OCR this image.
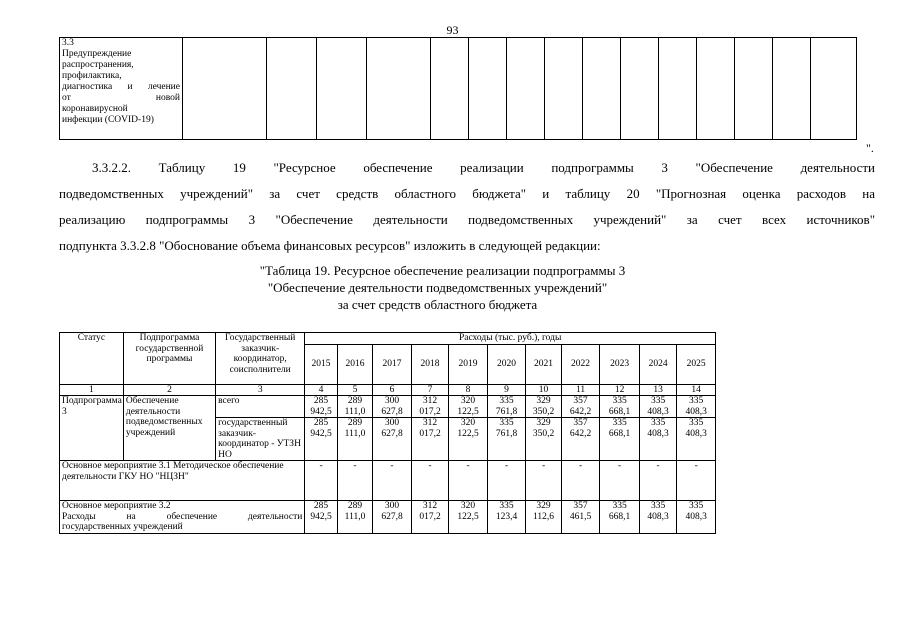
93
3.3
Предупреждение
распространения,
профилактика,
диагностика и лечение
от новой
коронавирусной
инфекции (COVID-19)

".
3.3.2.2. Таблицу 19 "Ресурсное обеспечение реализации подпрограммы 3 "Обеспечение деятельности
подведомственных учреждений" за счет средств областного бюджета" и таблицу 20 "Прогнозная оценка расходов на
реализацию подпрограммы 3 "Обеспечение деятельности подведомственных учреждений" за счет всех источников"
подпункта 3.3.2.8 "Обоснование объема финансовых ресурсов" изложить в следующей редакции:
"Таблица 19. Ресурсное обеспечение реализации подпрограммы 3
"Обеспечение деятельности подведомственных учреждений"
за счет средств областного бюджета
Статус	Подпрограмма государственной программы	Государственный заказчик-координатор, соисполнители	Расходы (тыс. руб.), годы										
			2015	2016	2017	2018	2019	2020	2021	2022	2023	2024	2025
1	2	3	4	5	6	7	8	9	10	11	12	13	14
Подпрограмма 3	Обеспечение деятельности подведомственных учреждений	всего	285 942,5	289 111,0	300 627,8	312 017,2	320 122,5	335 761,8	329 350,2	357 642,2	335 668,1	335 408,3	335 408,3
		государственный заказчик-координатор - УТЗН НО	285 942,5	289 111,0	300 627,8	312 017,2	320 122,5	335 761,8	329 350,2	357 642,2	335 668,1	335 408,3	335 408,3
Основное мероприятие 3.1 Методическое обеспечение деятельности ГКУ НО "НЦЗН"			-	-	-	-	-	-	-	-	-	-	-

Основное мероприятие 3.2
Расходы на обеспечение деятельности
государственных учреждений			285 942,5	289 111,0	300 627,8	312 017,2	320 122,5	335 123,4	329 112,6	357 461,5	335 668,1	335 408,3	335 408,3
